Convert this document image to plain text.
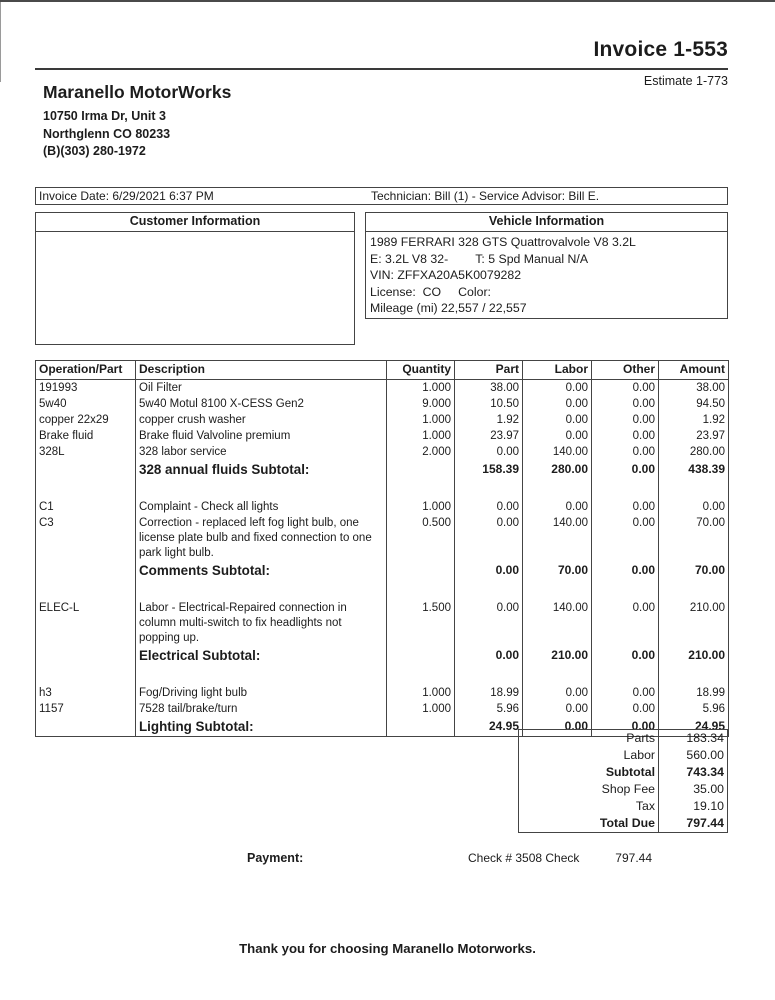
Invoice 1-553
Estimate 1-773
Maranello MotorWorks
10750 Irma Dr, Unit 3
Northglenn CO 80233
(B)(303) 280-1972
Invoice Date: 6/29/2021 6:37 PM	Technician: Bill (1) - Service Advisor: Bill E.
Customer Information	Vehicle Information
1989 FERRARI 328 GTS Quattrovalvole V8 3.2L
E: 3.2L V8 32-        T: 5 Spd Manual N/A
VIN: ZFFXA20A5K0079282
License:  CO     Color:
Mileage (mi) 22,557 / 22,557
Operation/Part	Description	Quantity	Part	Labor	Other	Amount
191993	Oil Filter	1.000	38.00	0.00	0.00	38.00
5w40	5w40 Motul 8100 X-CESS Gen2	9.000	10.50	0.00	0.00	94.50
copper 22x29	copper crush washer	1.000	1.92	0.00	0.00	1.92
Brake fluid	Brake fluid Valvoline premium	1.000	23.97	0.00	0.00	23.97
328L	328 labor service	2.000	0.00	140.00	0.00	280.00
	328 annual fluids Subtotal:		158.39	280.00	0.00	438.39

C1	Complaint - Check all lights	1.000	0.00	0.00	0.00	0.00
C3	Correction - replaced left fog light bulb, one license plate bulb and fixed connection to one park light bulb.	0.500	0.00	140.00	0.00	70.00
	Comments Subtotal:		0.00	70.00	0.00	70.00

ELEC-L	Labor - Electrical-Repaired connection in column multi-switch to fix headlights not popping up.	1.500	0.00	140.00	0.00	210.00
	Electrical Subtotal:		0.00	210.00	0.00	210.00

h3	Fog/Driving light bulb	1.000	18.99	0.00	0.00	18.99
1157	7528 tail/brake/turn	1.000	5.96	0.00	0.00	5.96
	Lighting Subtotal:		24.95	0.00	0.00	24.95
Parts	183.34
Labor	560.00
Subtotal	743.34
Shop Fee	35.00
Tax	19.10
Total Due	797.44
Payment:	Check # 3508 Check	797.44
Thank you for choosing Maranello Motorworks.
